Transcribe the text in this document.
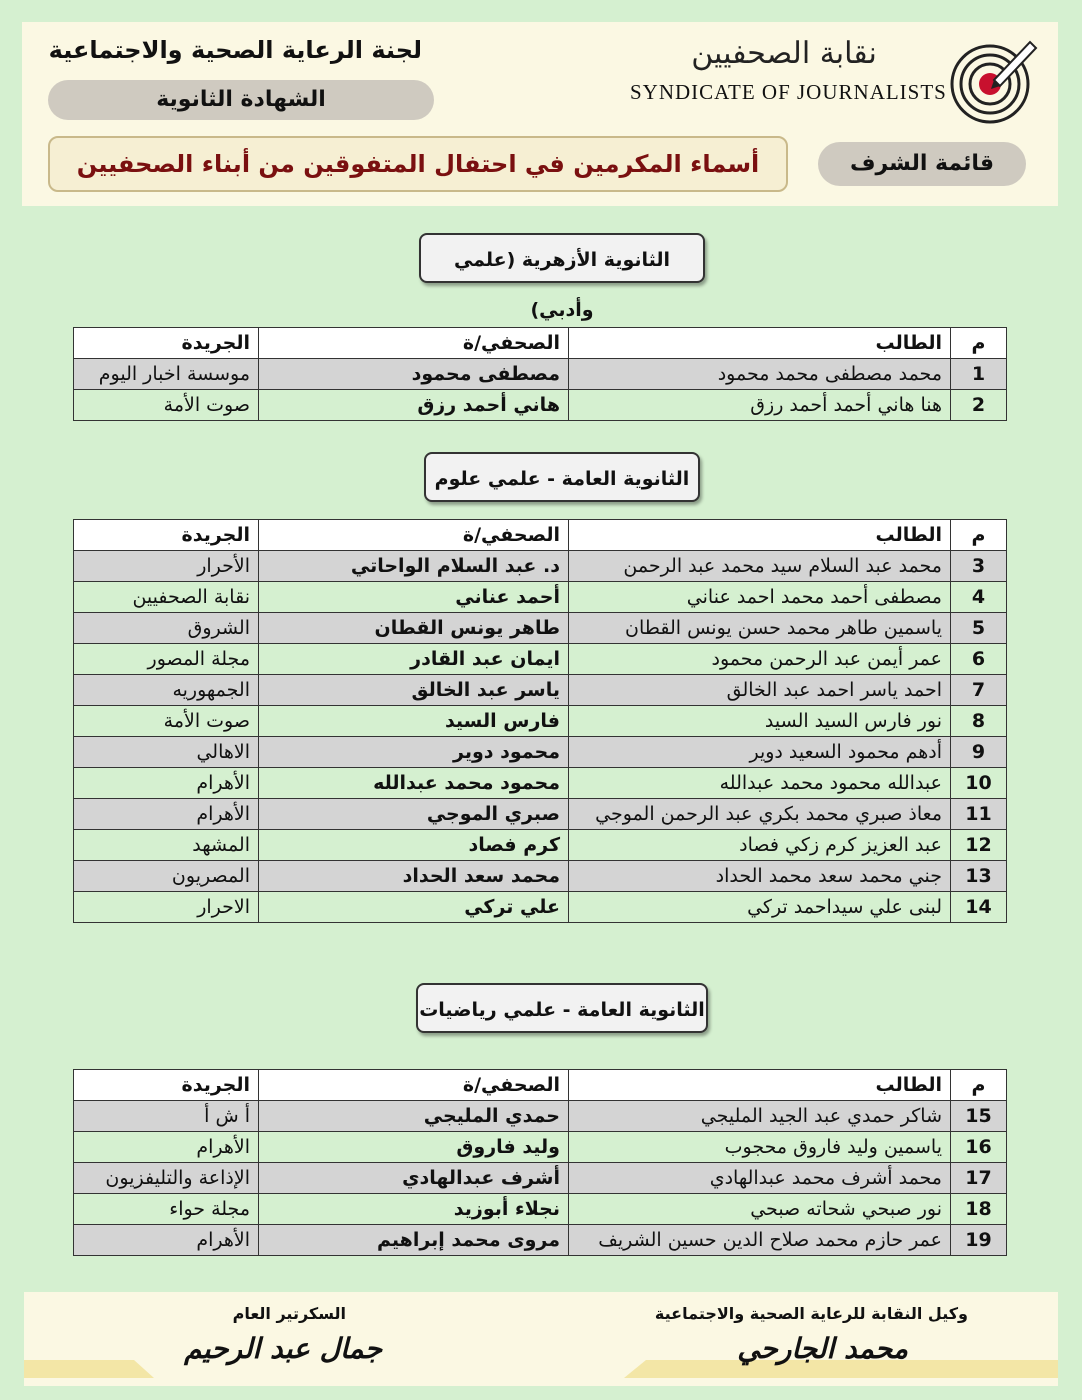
لجنة الرعاية الصحية والاجتماعية
الشهادة الثانوية
أسماء المكرمين في احتفال المتفوقين من أبناء الصحفيين	قائمة الشرف
نقابة الصحفيين
SYNDICATE OF JOURNALISTS
الثانوية الأزهرية (علمي وأدبي)
م	الطالب	الصحفي/ة	الجريدة
1	محمد مصطفى محمد محمود	مصطفى محمود	موسسة اخبار اليوم
2	هنا هاني أحمد أحمد رزق	هاني أحمد رزق	صوت الأمة
الثانوية العامة - علمي علوم
م	الطالب	الصحفي/ة	الجريدة
3	محمد عبد السلام سيد محمد عبد الرحمن	د. عبد السلام الواحاتي	الأحرار
4	مصطفى أحمد محمد احمد عناني	أحمد عناني	نقابة الصحفيين
5	ياسمين طاهر محمد حسن يونس القطان	طاهر يونس القطان	الشروق
6	عمر أيمن عبد الرحمن محمود	ايمان عبد القادر	مجلة المصور
7	احمد ياسر احمد عبد الخالق	ياسر عبد الخالق	الجمهوريه
8	نور فارس السيد السيد	فارس السيد	صوت الأمة
9	أدهم محمود السعيد دوير	محمود دوير	الاهالي
10	عبدالله محمود محمد عبدالله	محمود محمد عبدالله	الأهرام
11	معاذ صبري محمد بكري عبد الرحمن الموجي	صبري الموجي	الأهرام
12	عبد العزيز كرم زكي فصاد	كرم فصاد	المشهد
13	جني محمد سعد محمد الحداد	محمد سعد الحداد	المصريون
14	لبنى علي سيداحمد تركي	علي تركي	الاحرار
الثانوية العامة - علمي رياضيات
م	الطالب	الصحفي/ة	الجريدة
15	شاكر حمدي عبد الجيد المليجي	حمدي المليجي	أ ش أ
16	ياسمين وليد فاروق محجوب	وليد فاروق	الأهرام
17	محمد أشرف محمد عبدالهادي	أشرف عبدالهادي	الإذاعة والتليفزيون
18	نور صبحي شحاته صبحي	نجلاء أبوزيد	مجلة حواء
19	عمر حازم محمد صلاح الدين حسين الشريف	مروى محمد إبراهيم	الأهرام
السكرتير العام
جمال عبد الرحيم
وكيل النقابة للرعاية الصحية والاجتماعية
محمد الجارحي
